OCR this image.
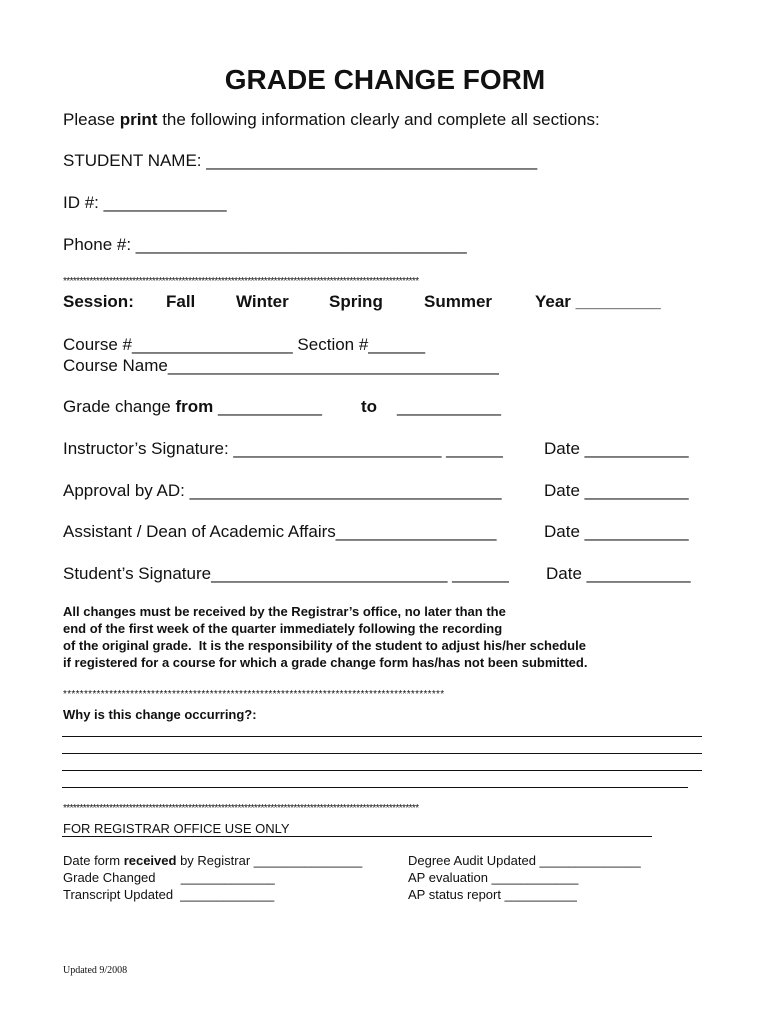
GRADE CHANGE FORM
Please print the following information clearly and complete all sections:
STUDENT NAME: ___________________________________
ID #: _____________
Phone #: ___________________________________
************************************************************************************************************
Session: Fall Winter Spring Summer	Year _________
Course #_________________ Section #______
Course Name___________________________________
Grade change from ___________ to ___________
Instructor’s Signature: ______________________ ______ Date ___________
Approval by AD: _________________________________ Date ___________
Assistant / Dean of Academic Affairs_________________	Date ___________
Student’s Signature_________________________ ______ Date ___________
All changes must be received by the Registrar’s office, no later than the
end of the first week of the quarter immediately following the recording
of the original grade.  It is the responsibility of the student to adjust his/her schedule
if registered for a course for which a grade change form has/has not been submitted.
*******************************************************************************************
Why is this change occurring?:
************************************************************************************************************
FOR REGISTRAR OFFICE USE ONLY
Date form received by Registrar _______________
Grade Changed       _____________
Transcript Updated  _____________
Degree Audit Updated ______________
AP evaluation ____________
AP status report __________
Updated 9/2008
